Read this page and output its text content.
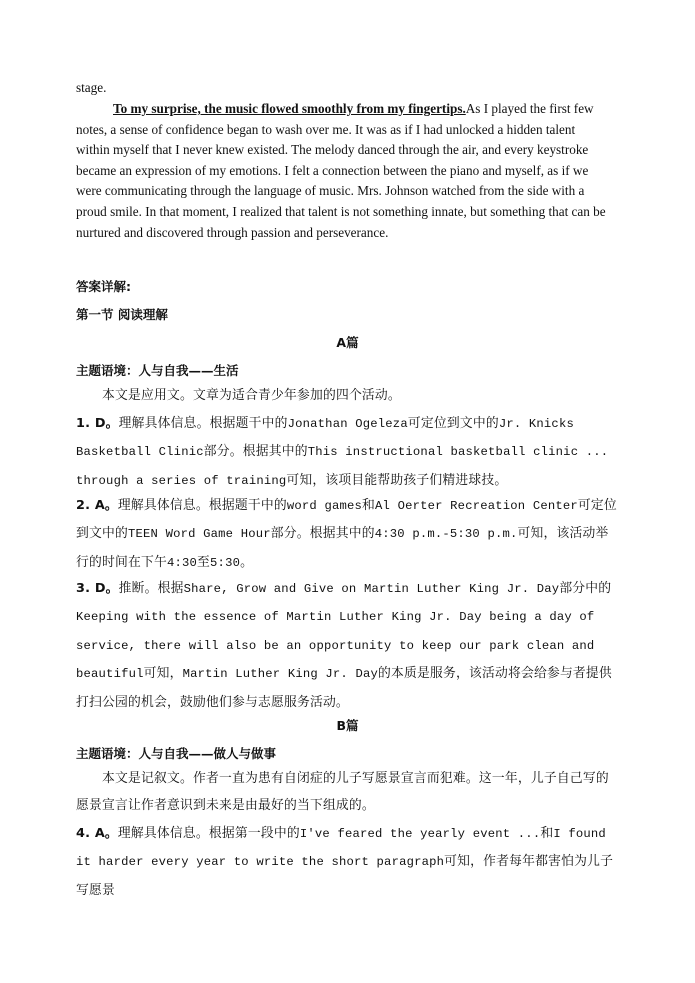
stage.

To my surprise, the music flowed smoothly from my fingertips.As I played the first few notes, a sense of confidence began to wash over me. It was as if I had unlocked a hidden talent within myself that I never knew existed. The melody danced through the air, and every keystroke became an expression of my emotions. I felt a connection between the piano and myself, as if we were communicating through the language of music. Mrs. Johnson watched from the side with a proud smile. In that moment, I realized that talent is not something innate, but something that can be nurtured and discovered through passion and perseverance.

答案详解:

第一节 阅读理解

A篇

主题语境：人与自我——生活

本文是应用文。文章为适合青少年参加的四个活动。

1. D。理解具体信息。根据题干中的Jonathan Ogeleza可定位到文中的Jr. Knicks Basketball Clinic部分。根据其中的This instructional basketball clinic ... through a series of training可知，该项目能帮助孩子们精进球技。

2. A。理解具体信息。根据题干中的word games和Al Oerter Recreation Center可定位到文中的TEEN Word Game Hour部分。根据其中的4:30 p.m.-5:30 p.m.可知，该活动举行的时间在下午4:30至5:30。

3. D。推断。根据Share, Grow and Give on Martin Luther King Jr. Day部分中的Keeping with the essence of Martin Luther King Jr. Day being a day of service, there will also be an opportunity to keep our park clean and beautiful可知，Martin Luther King Jr. Day的本质是服务，该活动将会给参与者提供打扫公园的机会，鼓励他们参与志愿服务活动。

B篇

主题语境：人与自我——做人与做事

本文是记叙文。作者一直为患有自闭症的儿子写愿景宣言而犯难。这一年，儿子自己写的愿景宣言让作者意识到未来是由最好的当下组成的。

4. A。理解具体信息。根据第一段中的I've feared the yearly event ...和I found it harder every year to write the short paragraph可知，作者每年都害怕为儿子写愿景
